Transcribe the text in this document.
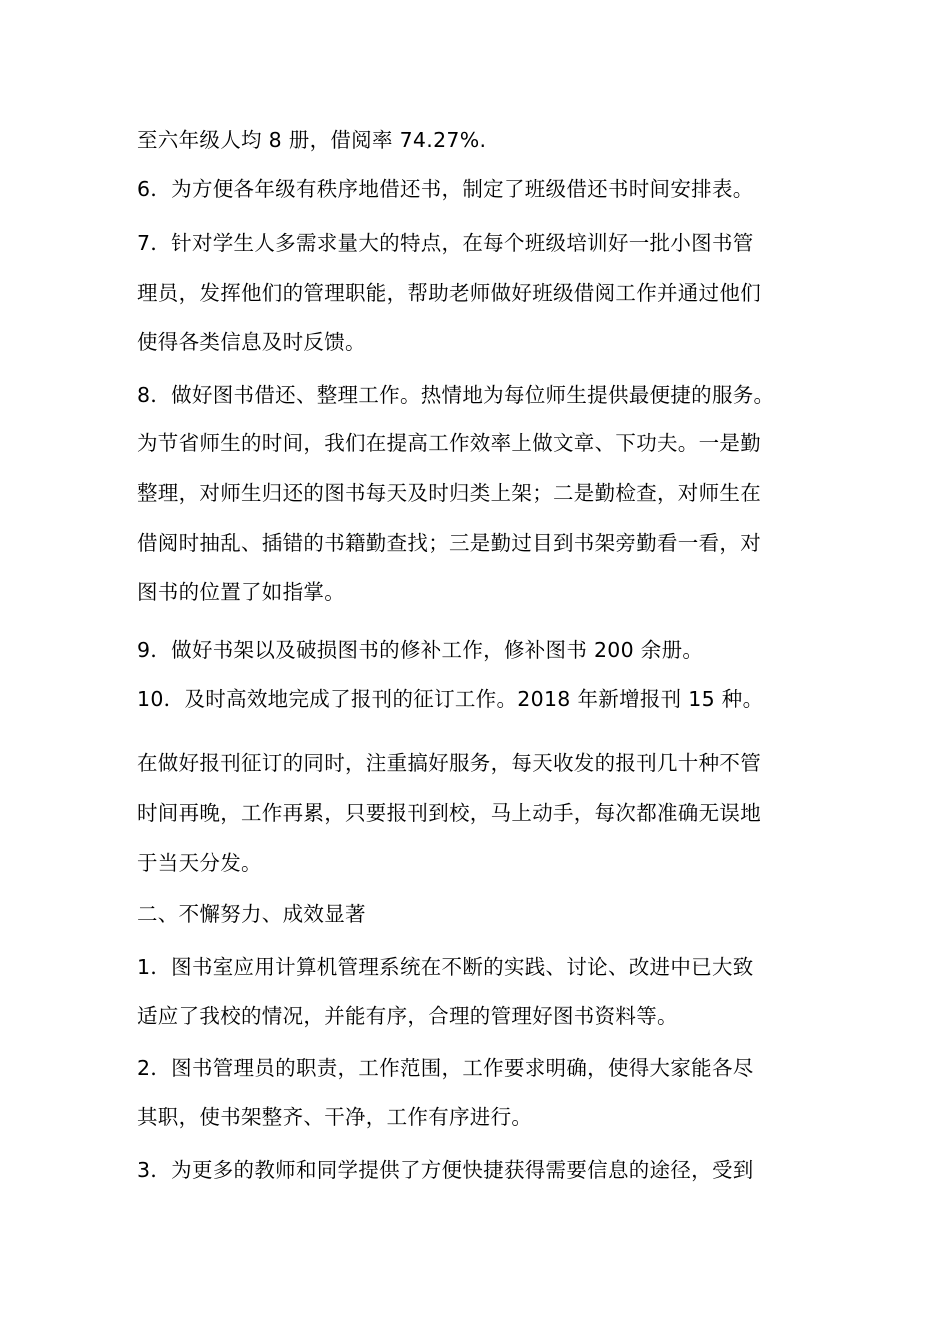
至六年级人均 8 册，借阅率 74.27%.
6．为方便各年级有秩序地借还书，制定了班级借还书时间安排表。
7．针对学生人多需求量大的特点，在每个班级培训好一批小图书管
理员，发挥他们的管理职能，帮助老师做好班级借阅工作并通过他们
使得各类信息及时反馈。
8．做好图书借还、整理工作。热情地为每位师生提供最便捷的服务。
为节省师生的时间，我们在提高工作效率上做文章、下功夫。一是勤
整理，对师生归还的图书每天及时归类上架；二是勤检查，对师生在
借阅时抽乱、插错的书籍勤查找；三是勤过目到书架旁勤看一看，对
图书的位置了如指掌。
9．做好书架以及破损图书的修补工作，修补图书 200 余册。
10．及时高效地完成了报刊的征订工作。2018 年新增报刊 15 种。
在做好报刊征订的同时，注重搞好服务，每天收发的报刊几十种不管
时间再晚，工作再累，只要报刊到校，马上动手，每次都准确无误地
于当天分发。
二、不懈努力、成效显著
1．图书室应用计算机管理系统在不断的实践、讨论、改进中已大致
适应了我校的情况，并能有序，合理的管理好图书资料等。
2．图书管理员的职责，工作范围，工作要求明确，使得大家能各尽
其职，使书架整齐、干净，工作有序进行。
3．为更多的教师和同学提供了方便快捷获得需要信息的途径，受到
